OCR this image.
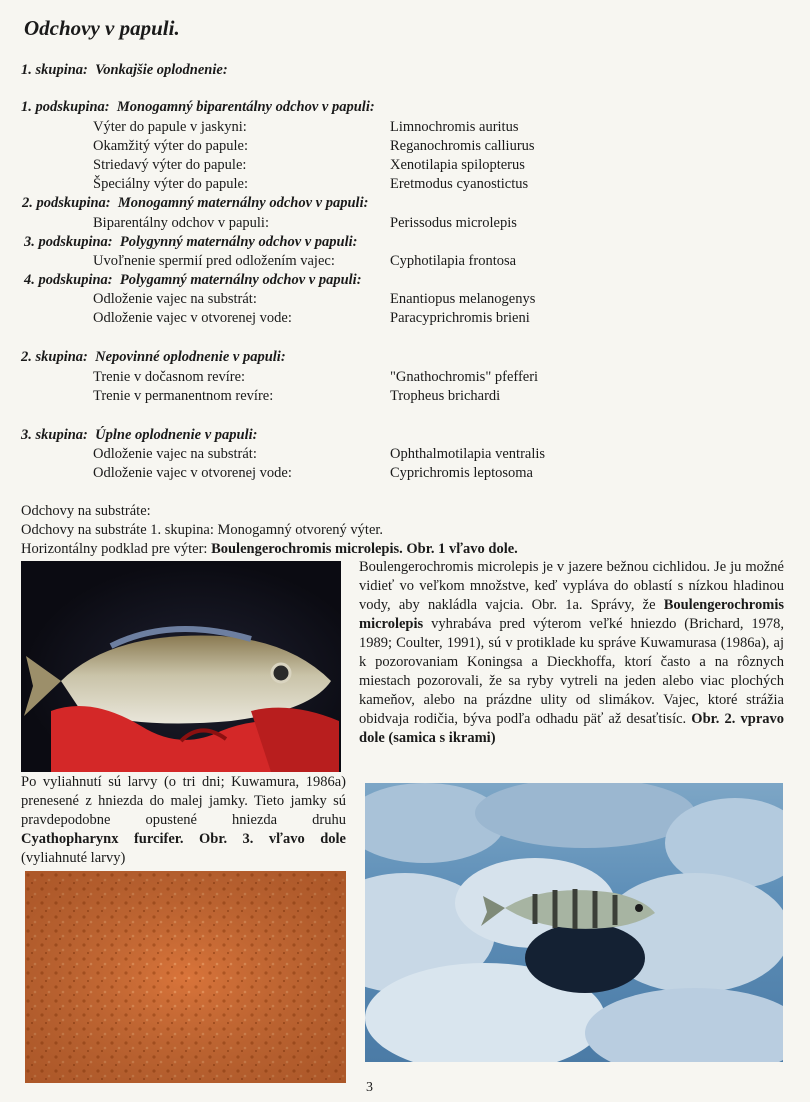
Odchovy v papuli.
1. skupina: Vonkajšie oplodnenie:
1. podskupina: Monogamný biparentálny odchov v papuli:
Výter do papule v jaskyni:	Limnochromis auritus
Okamžitý výter do papule:	Reganochromis calliurus
Striedavý výter do papule:	Xenotilapia spilopterus
Špeciálny výter do papule:	Eretmodus cyanostictus
2. podskupina: Monogamný maternálny odchov v papuli:
Biparentálny odchov v papuli:	Perissodus microlepis
3. podskupina: Polygynný maternálny odchov v papuli:
Uvoľnenie spermií pred odložením vajec:	Cyphotilapia frontosa
4. podskupina: Polygamný maternálny odchov v papuli:
Odloženie vajec na substrát:	Enantiopus melanogenys
Odloženie vajec v otvorenej vode:	Paracyprichromis brieni
2. skupina: Nepovinné oplodnenie v papuli:
Trenie v dočasnom revíre:	"Gnathochromis" pfefferi
Trenie v permanentnom revíre:	Tropheus brichardi
3. skupina: Úplne oplodnenie v papuli:
Odloženie vajec na substrát:	Ophthalmotilapia ventralis
Odloženie vajec v otvorenej vode:	Cyprichromis leptosoma
Odchovy na substráte:
Odchovy na substráte 1. skupina: Monogamný otvorený výter.
Horizontálny podklad pre výter: Boulengerochromis microlepis. Obr. 1 vľavo dole.
Boulengerochromis microlepis je v jazere bežnou cichlidou. Je ju možné vidieť vo veľkom množstve, keď vypláva do oblastí s nízkou hladinou vody, aby nakládla vajcia. Obr. 1a. Správy, že Boulengerochromis microlepis vyhrabáva pred výterom veľké hniezdo (Brichard, 1978, 1989; Coulter, 1991), sú v protiklade ku správe Kuwamurasa (1986a), aj k pozorovaniam Koningsa a Dieckhoffa, ktorí často a na rôznych miestach pozorovali, že sa ryby vytreli na jeden alebo viac plochých kameňov, alebo na prázdne ulity od slimákov. Vajec, ktoré strážia obidvaja rodičia, býva podľa odhadu päť až desaťtisíc. Obr. 2. vpravo dole (samica s ikrami)
Po vyliahnutí sú larvy (o tri dni; Kuwamura, 1986a) prenesené z hniezda do malej jamky. Tieto jamky sú pravdepodobne opustené hniezda druhu Cyathopharynx furcifer. Obr. 3. vľavo dole (vyliahnuté larvy)
3
